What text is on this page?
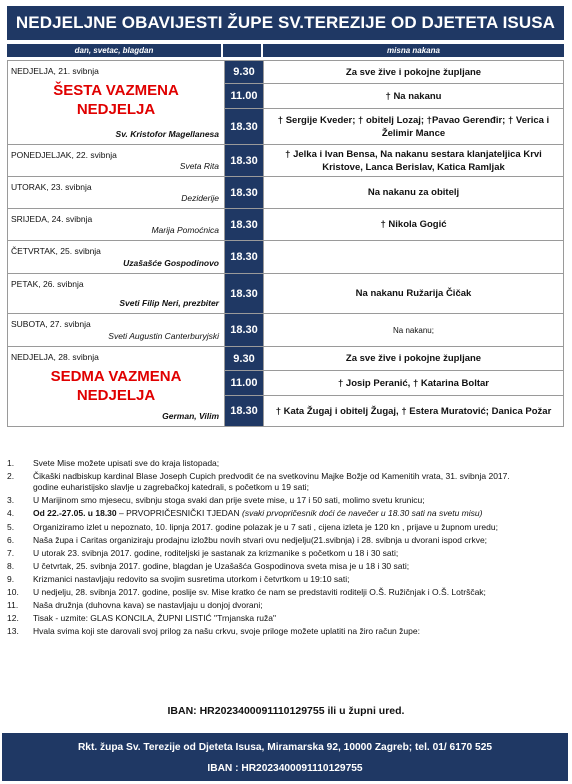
NEDJELJNE OBAVIJESTI ŽUPE SV.TEREZIJE OD DJETETA ISUSA
dan, svetac, blagdan	misna nakana
NEDJELJA, 21. svibnja
ŠESTA VAZMENA
NEDJELJA
Sv. Kristofor Magellanesa	9.30	Za sve žive i pokojne župljane
	11.00	† Na nakanu
	18.30	† Sergije Kveder; † obitelj Lozaj; †Pavao Gerenđir; † Verica i Želimir Mance

PONEDJELJAK, 22. svibnja
Sveta Rita	18.30	† Jelka i Ivan Bensa, Na nakanu sestara klanjateljica Krvi Kristove, Lanca Berislav, Katica Ramljak

UTORAK, 23. svibnja
Deziderije	18.30	Na nakanu za obitelj

SRIJEDA, 24. svibnja
Marija Pomoćnica	18.30	† Nikola Gogić

ČETVRTAK, 25. svibnja
Uzašašće Gospodinovo	18.30	

PETAK, 26. svibnja
Sveti Filip Neri, prezbiter	18.30	Na nakanu Ružarija Čičak

SUBOTA, 27. svibnja
Sveti Augustin Canterburyjski	18.30	Na nakanu;

NEDJELJA, 28. svibnja
SEDMA VAZMENA
NEDJELJA
German, Vilim	9.30	Za sve žive i pokojne župljane
	11.00	† Josip Peranić, † Katarina Boltar
	18.30	† Kata Žugaj i obitelj Žugaj, † Estera Muratović; Danica Požar
1. Svete Mise možete upisati sve do kraja listopada;
2. Čikaški nadbiskup kardinal Blase Joseph Cupich predvodit će na svetkovinu Majke Božje od Kamenitih vrata, 31. svibnja 2017. godine euharistijsko slavlje u zagrebačkoj katedrali, s početkom u 19 sati;
3. U Marijinom smo mjesecu, svibnju stoga svaki dan prije svete mise, u 17 i 50 sati, molimo svetu krunicu;
4. Od 22.-27.05. u 18.30 – PRVOPRIČESNIČKI TJEDAN (svaki prvopričesnik doći će navečer u 18.30 sati na svetu misu)
5. Organiziramo izlet u nepoznato, 10. lipnja 2017. godine polazak je u 7 sati , cijena izleta je 120 kn , prijave u župnom uredu;
6. Naša župa i Caritas organiziraju prodajnu izložbu novih stvari ovu nedjelju(21.svibnja) i 28. svibnja u dvorani ispod crkve;
7. U utorak 23. svibnja 2017. godine, roditeljski je sastanak za krizmanike s početkom u 18 i 30 sati;
8. U četvrtak, 25. svibnja 2017. godine, blagdan je Uzašašća Gospodinova sveta misa je u 18 i 30 sati;
9. Krizmanici nastavljaju redovito sa svojim susretima utorkom i četvrtkom u 19:10 sati;
10. U nedjelju, 28. svibnja 2017. godine, poslije sv. Mise kratko će nam se predstaviti roditelji O.Š. Ružičnjak i O.Š. Lotrščak;
11. Naša družnja (duhovna kava) se nastavljaju u donjoj dvorani;
12. Tisak - uzmite: GLAS KONCILA, ŽUPNI LISTIĆ "Trnjanska ruža"
13. Hvala svima koji ste darovali svoj prilog za našu crkvu, svoje priloge možete uplatiti na žiro račun župe:
IBAN: HR2023400091110129755 ili u župni ured.
Rkt. župa Sv. Terezije od Djeteta Isusa, Miramarska 92, 10000 Zagreb; tel. 01/ 6170 525
IBAN : HR2023400091110129755
